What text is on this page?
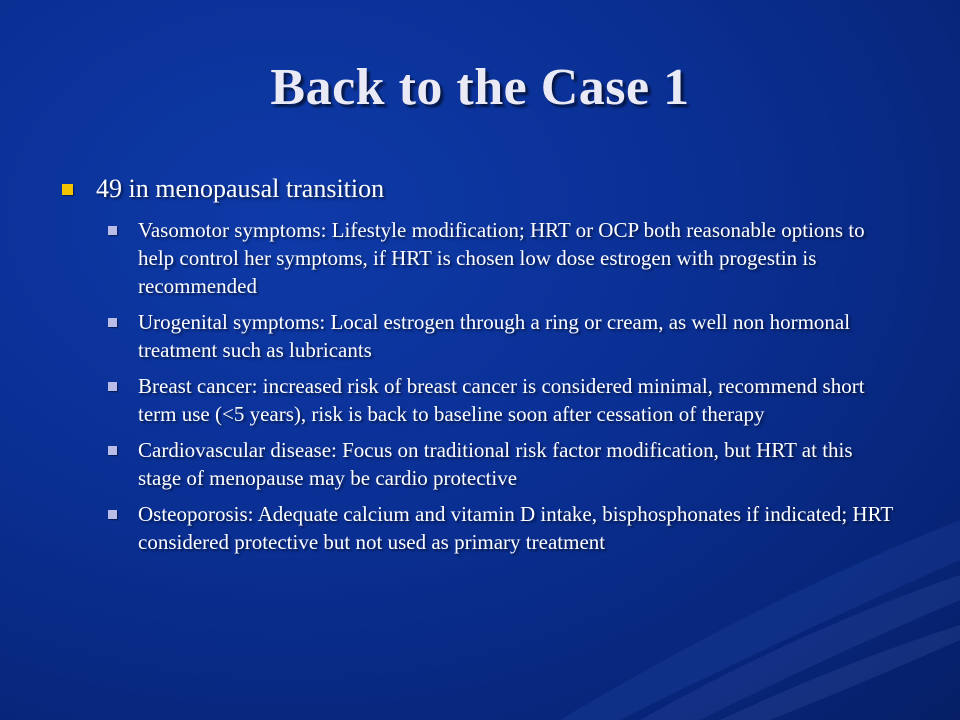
Back to the Case 1
49 in menopausal transition
Vasomotor symptoms: Lifestyle modification; HRT or OCP both reasonable options to help control her symptoms, if HRT is chosen low dose estrogen with progestin is recommended
Urogenital symptoms: Local estrogen through a ring or cream, as well non hormonal treatment such as lubricants
Breast cancer: increased risk of breast cancer is considered minimal, recommend short term use (<5 years), risk is back to baseline soon after cessation of therapy
Cardiovascular disease: Focus on traditional risk factor modification, but HRT at this stage of menopause may be cardio protective
Osteoporosis: Adequate calcium and vitamin D intake, bisphosphonates if indicated; HRT considered protective but not used as primary treatment
